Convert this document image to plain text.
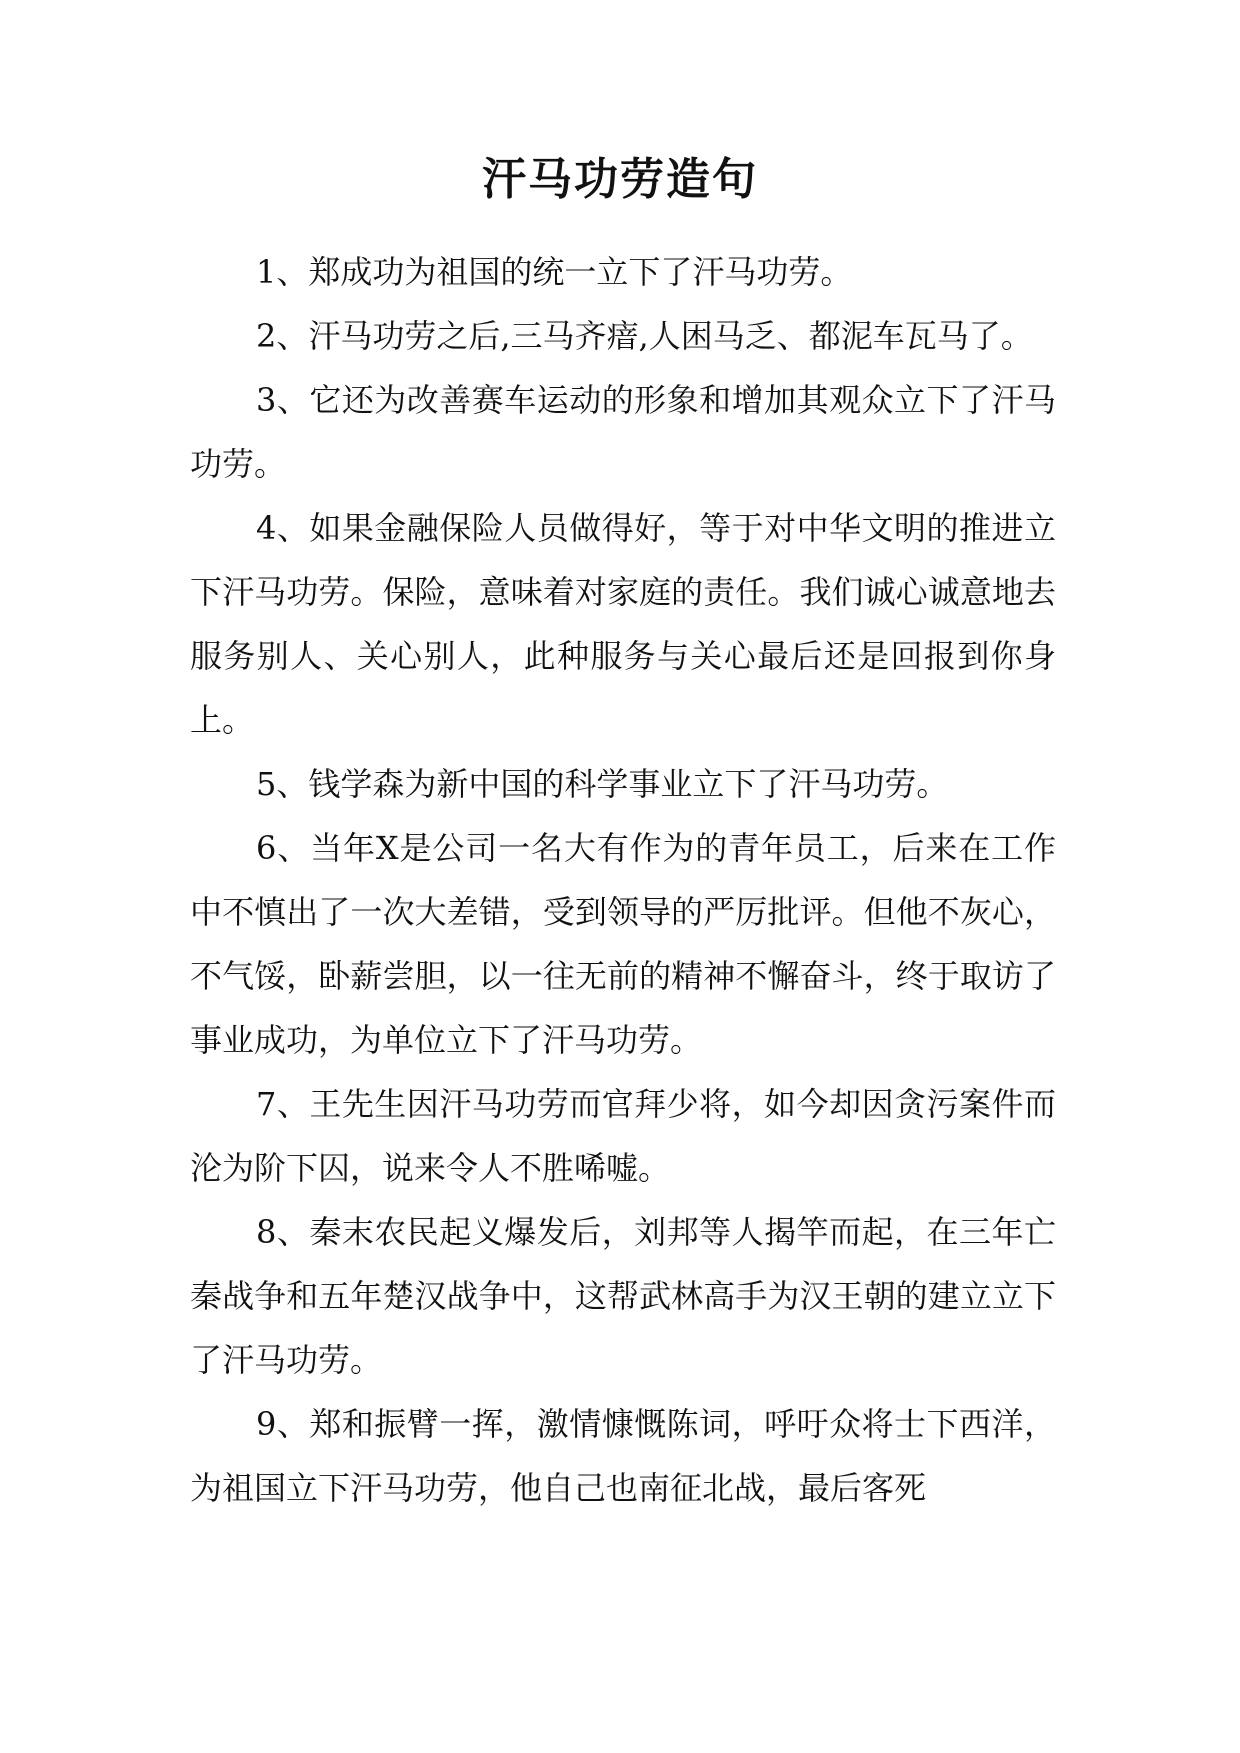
汗马功劳造句

1、郑成功为祖国的统一立下了汗马功劳。

2、汗马功劳之后,三马齐瘖,人困马乏、都泥车瓦马了。

3、它还为改善赛车运动的形象和增加其观众立下了汗马功劳。

4、如果金融保险人员做得好，等于对中华文明的推进立下汗马功劳。保险，意味着对家庭的责任。我们诚心诚意地去服务别人、关心别人，此种服务与关心最后还是回报到你身上。

5、钱学森为新中国的科学事业立下了汗马功劳。

6、当年X是公司一名大有作为的青年员工，后来在工作中不慎出了一次大差错，受到领导的严厉批评。但他不灰心，不气馁，卧薪尝胆，以一往无前的精神不懈奋斗，终于取访了事业成功，为单位立下了汗马功劳。

7、王先生因汗马功劳而官拜少将，如今却因贪污案件而沦为阶下囚，说来令人不胜唏嘘。

8、秦末农民起义爆发后，刘邦等人揭竿而起，在三年亡秦战争和五年楚汉战争中，这帮武林高手为汉王朝的建立立下了汗马功劳。

9、郑和振臂一挥，激情慷慨陈词，呼吁众将士下西洋，为祖国立下汗马功劳，他自己也南征北战，最后客死
